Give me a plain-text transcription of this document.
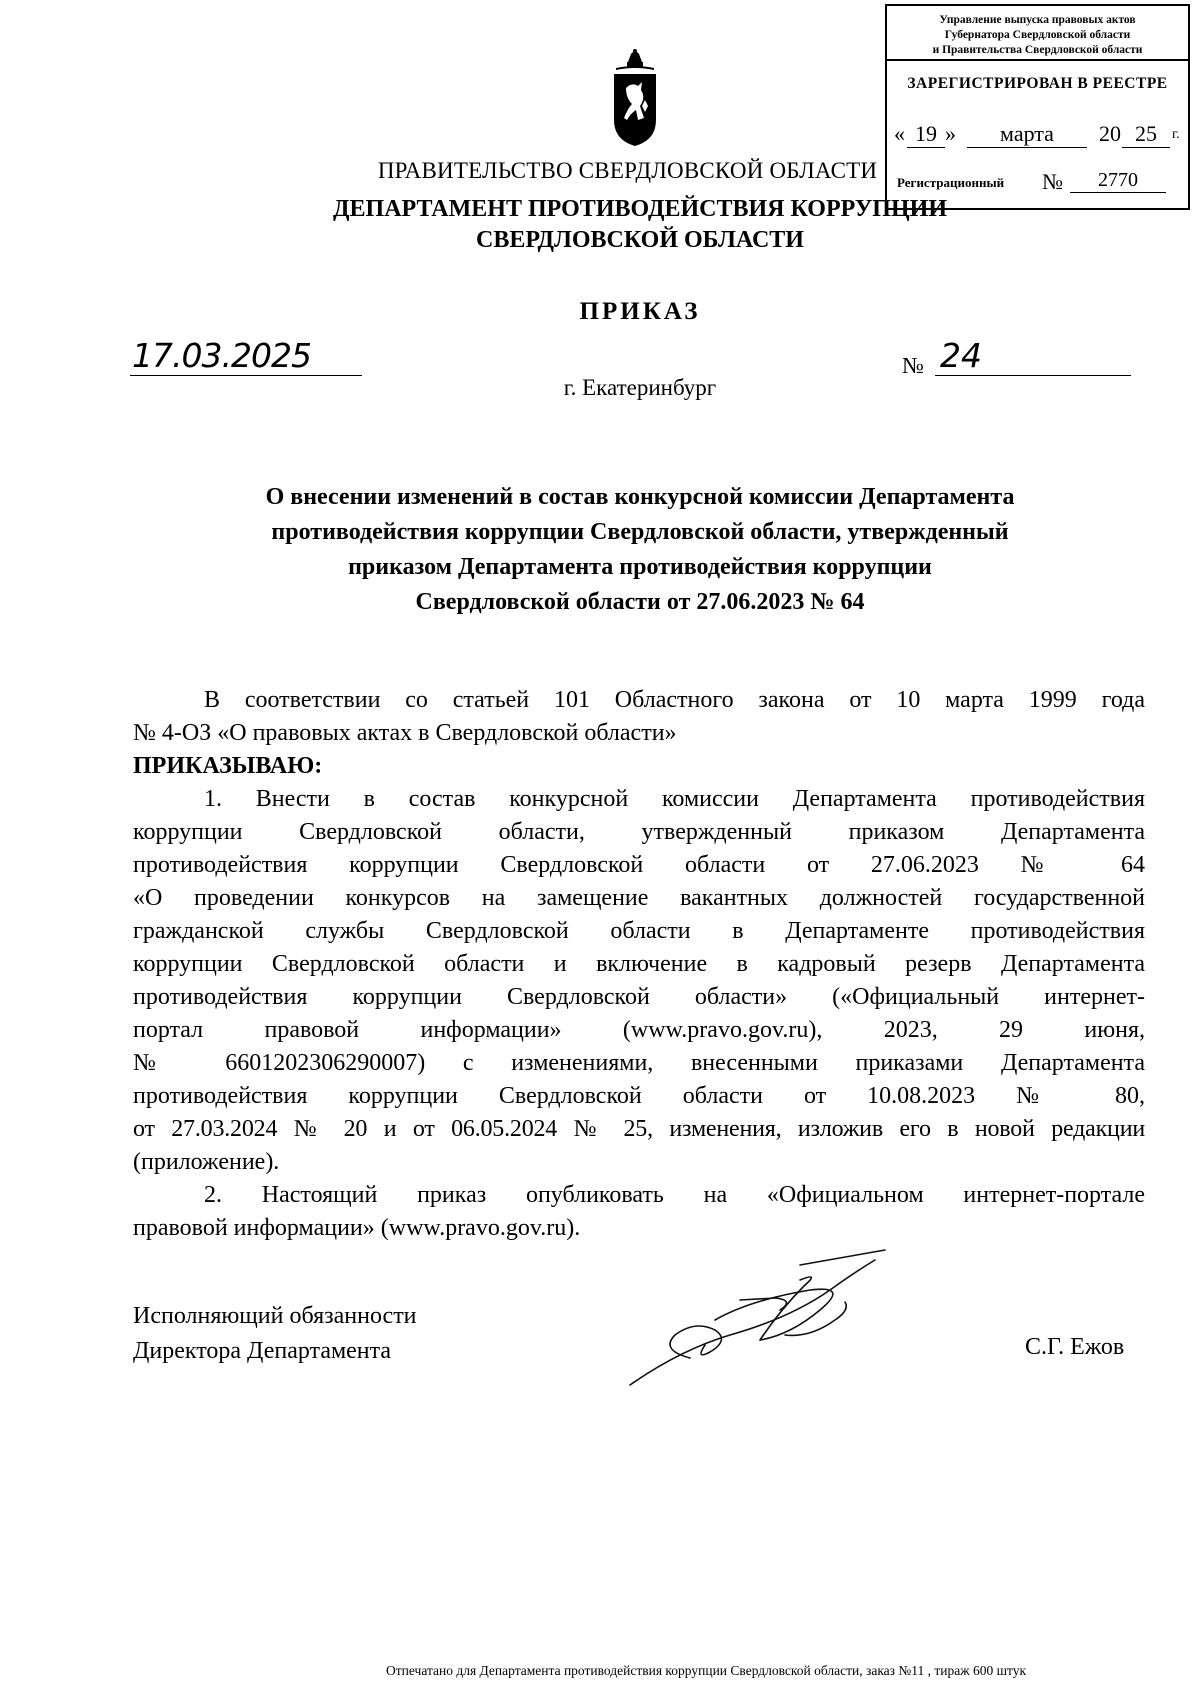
Управление выпуска правовых актов
Губернатора Свердловской области
и Правительства Свердловской области
ЗАРЕГИСТРИРОВАН В РЕЕСТРЕ
« 19 »	марта	20 25	г.
Регистрационный №	2770
ПРАВИТЕЛЬСТВО СВЕРДЛОВСКОЙ ОБЛАСТИ
ДЕПАРТАМЕНТ ПРОТИВОДЕЙСТВИЯ КОРРУПЦИИ
СВЕРДЛОВСКОЙ ОБЛАСТИ
ПРИКАЗ
17.03.2025	№ 24
г. Екатеринбург
О внесении изменений в состав конкурсной комиссии Департамента
противодействия коррупции Свердловской области, утвержденный
приказом Департамента противодействия коррупции
Свердловской области от 27.06.2023 № 64
В соответствии со статьей 101 Областного закона от 10 марта 1999 года
№ 4-ОЗ «О правовых актах в Свердловской области»
ПРИКАЗЫВАЮ:
1. Внести в состав конкурсной комиссии Департамента противодействия
коррупции Свердловской области, утвержденный приказом Департамента
противодействия коррупции Свердловской области от 27.06.2023 № 64
«О проведении конкурсов на замещение вакантных должностей государственной
гражданской службы Свердловской области в Департаменте противодействия
коррупции Свердловской области и включение в кадровый резерв Департамента
противодействия коррупции Свердловской области» («Официальный интернет-
портал правовой информации» (www.pravo.gov.ru), 2023, 29 июня,
№ 6601202306290007) с изменениями, внесенными приказами Департамента
противодействия коррупции Свердловской области от 10.08.2023 № 80,
от 27.03.2024 № 20 и от 06.05.2024 № 25, изменения, изложив его в новой редакции
(приложение).
2. Настоящий приказ опубликовать на «Официальном интернет-портале
правовой информации» (www.pravo.gov.ru).
Исполняющий обязанности
Директора Департамента	С.Г. Ежов
Отпечатано для Департамента противодействия коррупции Свердловской области, заказ №11 , тираж 600 штук
